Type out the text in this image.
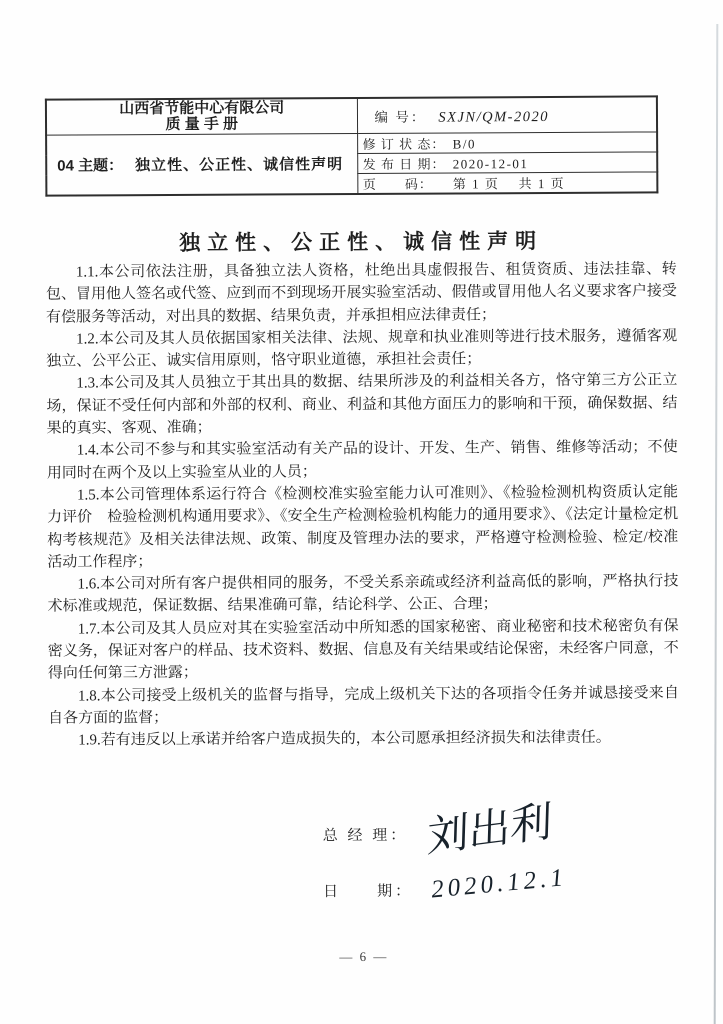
山西省节能中心有限公司
质 量 手 册	编 号： SXJN/QM-2020
04 主题： 独立性、公正性、诚信性声明	修 订 状 态： B/0
	发 布 日 期： 2020-12-01
	页　　码： 第 1 页　 共 1 页
独立性、公正性、诚信性声明

1.1.本公司依法注册，具备独立法人资格，杜绝出具虚假报告、租赁资质、违法挂靠、转包、冒用他人签名或代签、应到而不到现场开展实验室活动、假借或冒用他人名义要求客户接受有偿服务等活动，对出具的数据、结果负责，并承担相应法律责任；

1.2.本公司及其人员依据国家相关法律、法规、规章和执业准则等进行技术服务，遵循客观独立、公平公正、诚实信用原则，恪守职业道德，承担社会责任；

1.3.本公司及其人员独立于其出具的数据、结果所涉及的利益相关各方，恪守第三方公正立场，保证不受任何内部和外部的权利、商业、利益和其他方面压力的影响和干预，确保数据、结果的真实、客观、准确；

1.4.本公司不参与和其实验室活动有关产品的设计、开发、生产、销售、维修等活动；不使用同时在两个及以上实验室从业的人员；

1.5.本公司管理体系运行符合《检测校准实验室能力认可准则》、《检验检测机构资质认定能力评价　检验检测机构通用要求》、《安全生产检测检验机构能力的通用要求》、《法定计量检定机构考核规范》及相关法律法规、政策、制度及管理办法的要求，严格遵守检测检验、检定/校准活动工作程序；

1.6.本公司对所有客户提供相同的服务，不受关系亲疏或经济利益高低的影响，严格执行技术标准或规范，保证数据、结果准确可靠，结论科学、公正、合理；

1.7.本公司及其人员应对其在实验室活动中所知悉的国家秘密、商业秘密和技术秘密负有保密义务，保证对客户的样品、技术资料、数据、信息及有关结果或结论保密，未经客户同意，不得向任何第三方泄露；

1.8.本公司接受上级机关的监督与指导，完成上级机关下达的各项指令任务并诚恳接受来自自各方面的监督；

1.9.若有违反以上承诺并给客户造成损失的，本公司愿承担经济损失和法律责任。

总 经 理： 刘出利
日　　期： 2020.12.1
— 6 —
